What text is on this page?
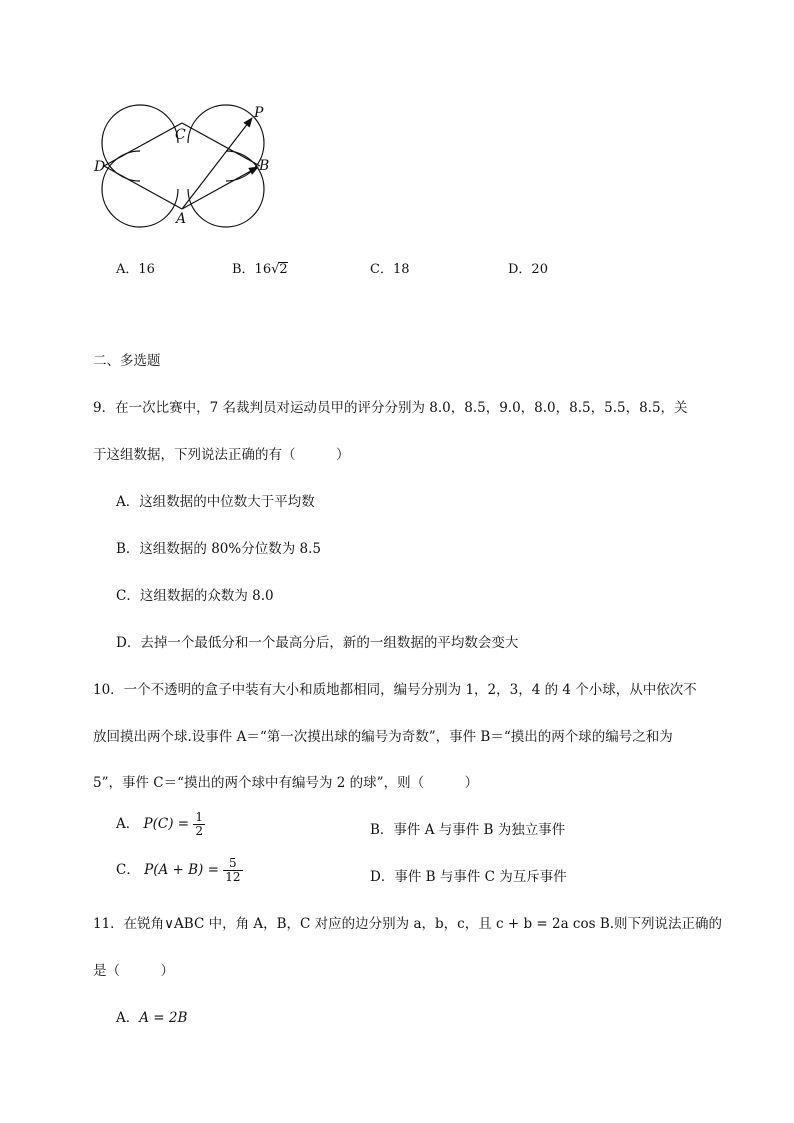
P
C
D	B
A
A．16	B．16√2	C．18	D．20
二、多选题
9．在一次比赛中，7 名裁判员对运动员甲的评分分别为 8.0，8.5，9.0，8.0，8.5，5.5，8.5，关
于这组数据，下列说法正确的有（　　　）
A．这组数据的中位数大于平均数
B．这组数据的 80%分位数为 8.5
C．这组数据的众数为 8.0
D．去掉一个最低分和一个最高分后，新的一组数据的平均数会变大
10．一个不透明的盒子中装有大小和质地都相同，编号分别为 1，2，3，4 的 4 个小球，从中依次不
放回摸出两个球.设事件 A＝“第一次摸出球的编号为奇数”，事件 B＝“摸出的两个球的编号之和为
5”，事件 C＝“摸出的两个球中有编号为 2 的球”，则（　　　）
A． $P(C) = \frac{1}{2}$	B．事件 A 与事件 B 为独立事件
C． $P(A + B) = \frac{5}{12}$	D．事件 B 与事件 C 为互斥事件
11．在锐角∨ABC 中，角 A，B，C 对应的边分别为 a，b，c，且 c + b = 2a cos B.则下列说法正确的
是（　　　）
A．A = 2B
